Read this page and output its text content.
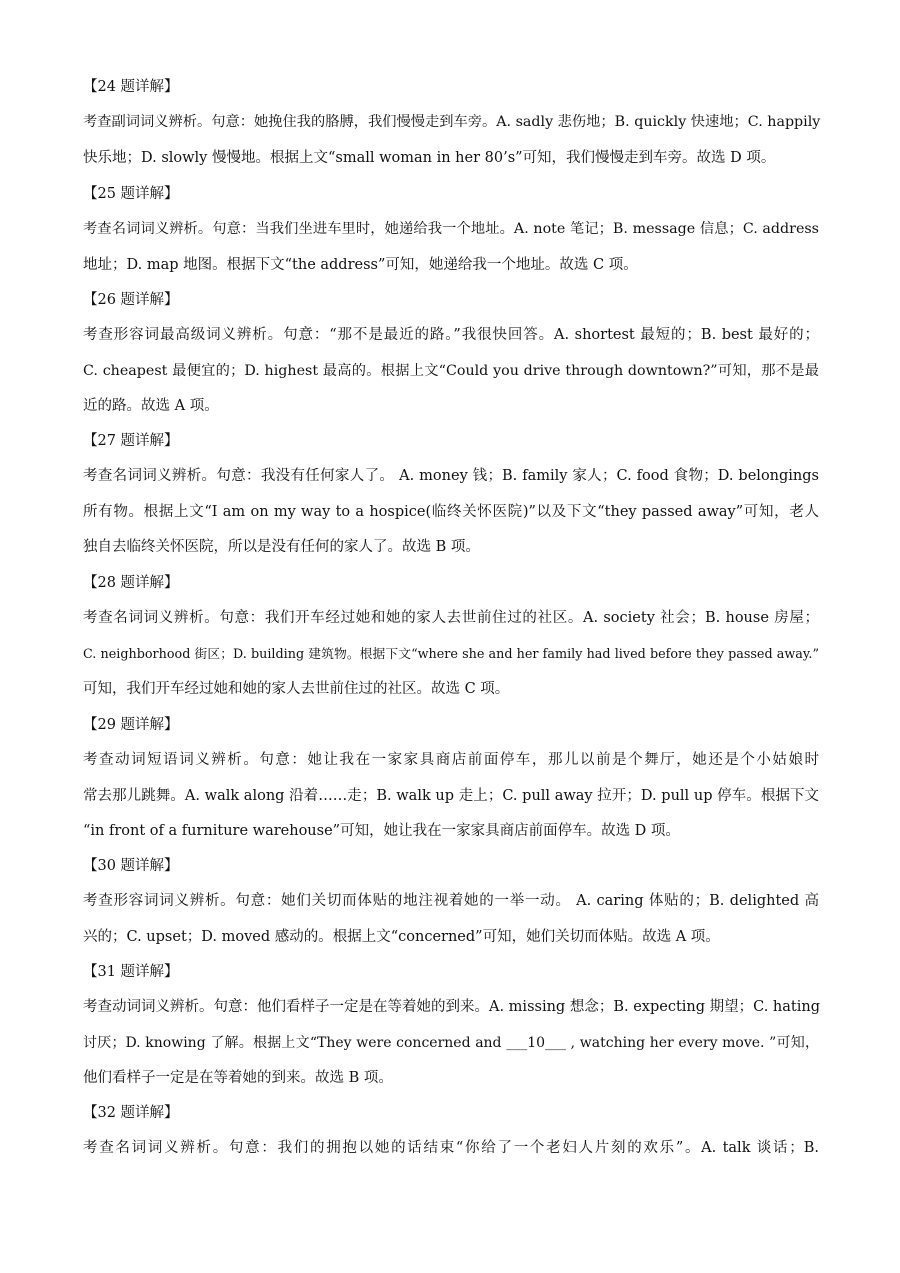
【24 题详解】
考查副词词义辨析。句意：她挽住我的胳膊，我们慢慢走到车旁。A. sadly 悲伤地；B. quickly 快速地；C. happily
快乐地；D. slowly 慢慢地。根据上文“small woman in her 80’s”可知，我们慢慢走到车旁。故选 D 项。
【25 题详解】
考查名词词义辨析。句意：当我们坐进车里时，她递给我一个地址。A. note 笔记；B. message 信息；C. address
地址；D. map 地图。根据下文“the address”可知，她递给我一个地址。故选 C 项。
【26 题详解】
考查形容词最高级词义辨析。句意：“那不是最近的路。”我很快回答。A. shortest 最短的；B. best 最好的；
C. cheapest 最便宜的；D. highest 最高的。根据上文“Could you drive through downtown?”可知，那不是最
近的路。故选 A 项。
【27 题详解】
考查名词词义辨析。句意：我没有任何家人了。 A. money 钱；B. family 家人；C. food 食物；D. belongings
所有物。根据上文“I am on my way to a hospice(临终关怀医院)”以及下文“they passed away”可知，老人
独自去临终关怀医院，所以是没有任何的家人了。故选 B 项。
【28 题详解】
考查名词词义辨析。句意：我们开车经过她和她的家人去世前住过的社区。A. society 社会；B. house 房屋；
C. neighborhood 街区；D. building 建筑物。根据下文“where she and her family had lived before they passed away.”
可知，我们开车经过她和她的家人去世前住过的社区。故选 C 项。
【29 题详解】
考查动词短语词义辨析。句意：她让我在一家家具商店前面停车，那儿以前是个舞厅，她还是个小姑娘时
常去那儿跳舞。A. walk along 沿着……走；B. walk up 走上；C. pull away 拉开；D. pull up 停车。根据下文
“in front of a furniture warehouse”可知，她让我在一家家具商店前面停车。故选 D 项。
【30 题详解】
考查形容词词义辨析。句意：她们关切而体贴的地注视着她的一举一动。 A. caring 体贴的；B. delighted 高
兴的；C. upset；D. moved 感动的。根据上文“concerned”可知，她们关切而体贴。故选 A 项。
【31 题详解】
考查动词词义辨析。句意：他们看样子一定是在等着她的到来。A. missing 想念；B. expecting 期望；C. hating
讨厌；D. knowing 了解。根据上文“They were concerned and ___10___ , watching her every move. ”可知，
他们看样子一定是在等着她的到来。故选 B 项。
【32 题详解】
考查名词词义辨析。句意：我们的拥抱以她的话结束“你给了一个老妇人片刻的欢乐”。A. talk 谈话；B.
